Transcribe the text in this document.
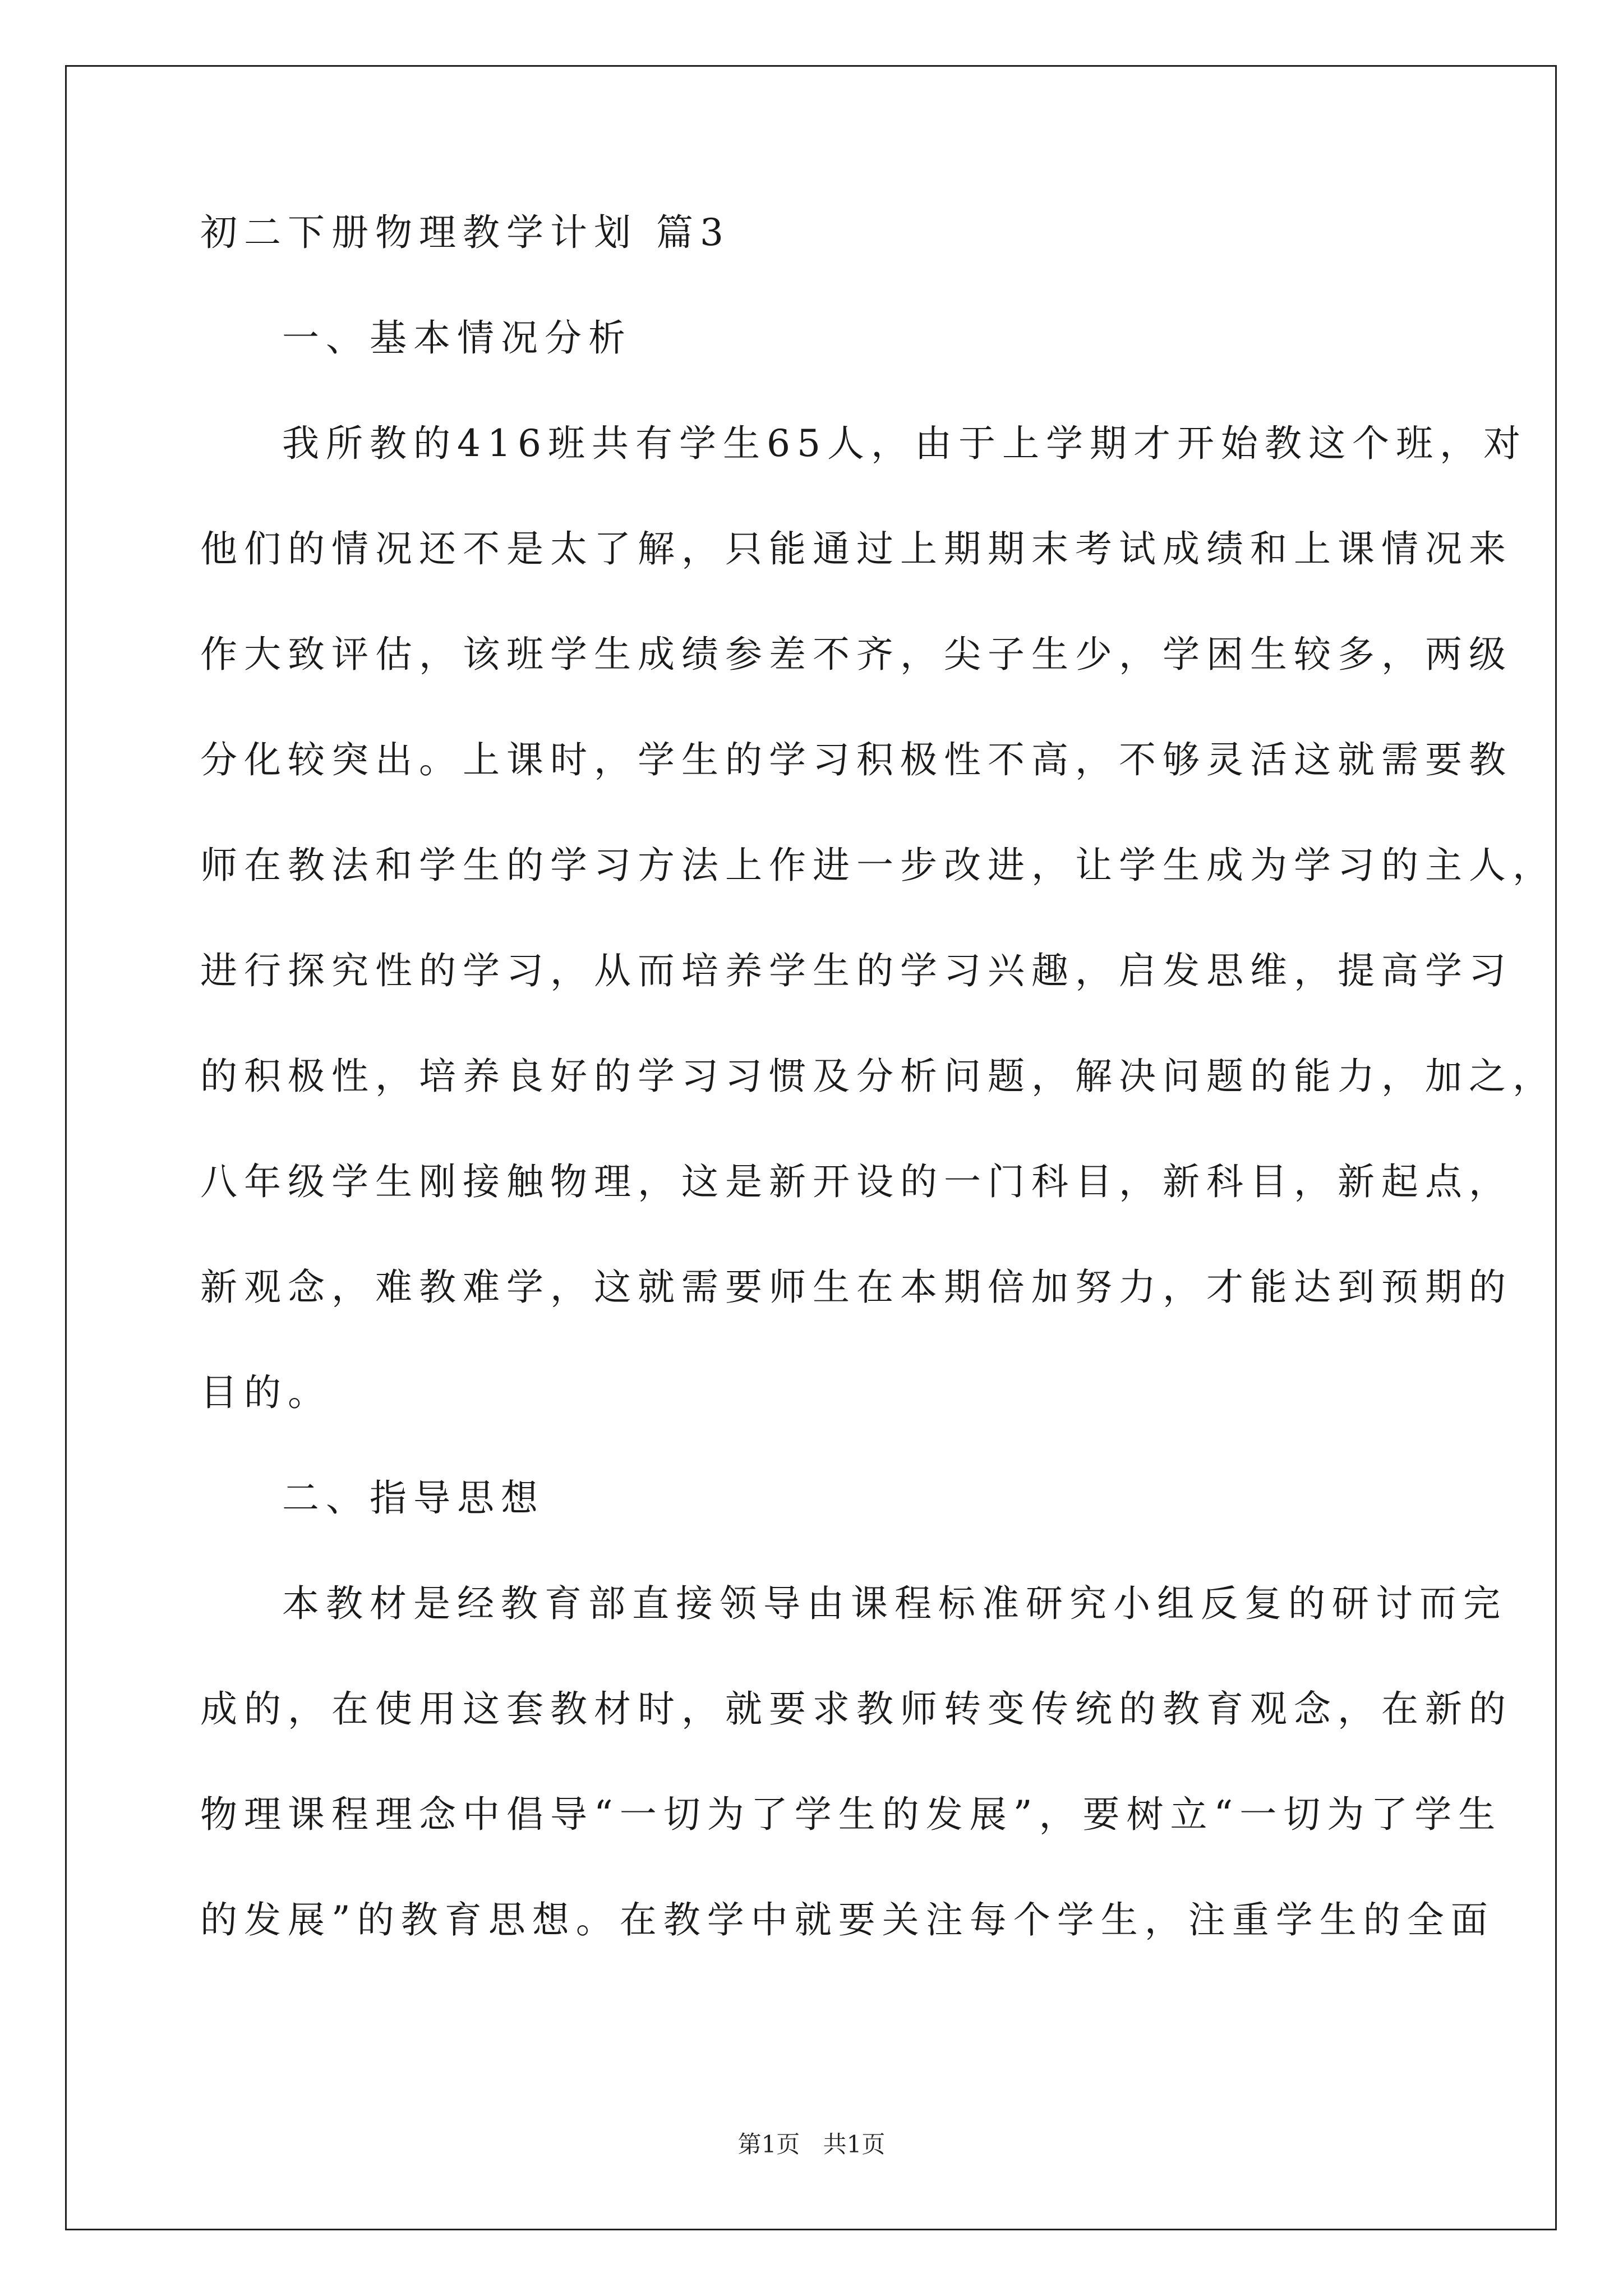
初二下册物理教学计划 篇3

一、基本情况分析

我所教的416班共有学生65人，由于上学期才开始教这个班，对

他们的情况还不是太了解，只能通过上期期末考试成绩和上课情况来

作大致评估，该班学生成绩参差不齐，尖子生少，学困生较多，两级

分化较突出。上课时，学生的学习积极性不高，不够灵活这就需要教

师在教法和学生的学习方法上作进一步改进，让学生成为学习的主人，

进行探究性的学习，从而培养学生的学习兴趣，启发思维，提高学习

的积极性，培养良好的学习习惯及分析问题，解决问题的能力，加之，

八年级学生刚接触物理，这是新开设的一门科目，新科目，新起点，

新观念，难教难学，这就需要师生在本期倍加努力，才能达到预期的

目的。

二、指导思想

本教材是经教育部直接领导由课程标准研究小组反复的研讨而完

成的，在使用这套教材时，就要求教师转变传统的教育观念，在新的

物理课程理念中倡导“一切为了学生的发展”，要树立“一切为了学生

的发展”的教育思想。在教学中就要关注每个学生，注重学生的全面

第1页 共1页
